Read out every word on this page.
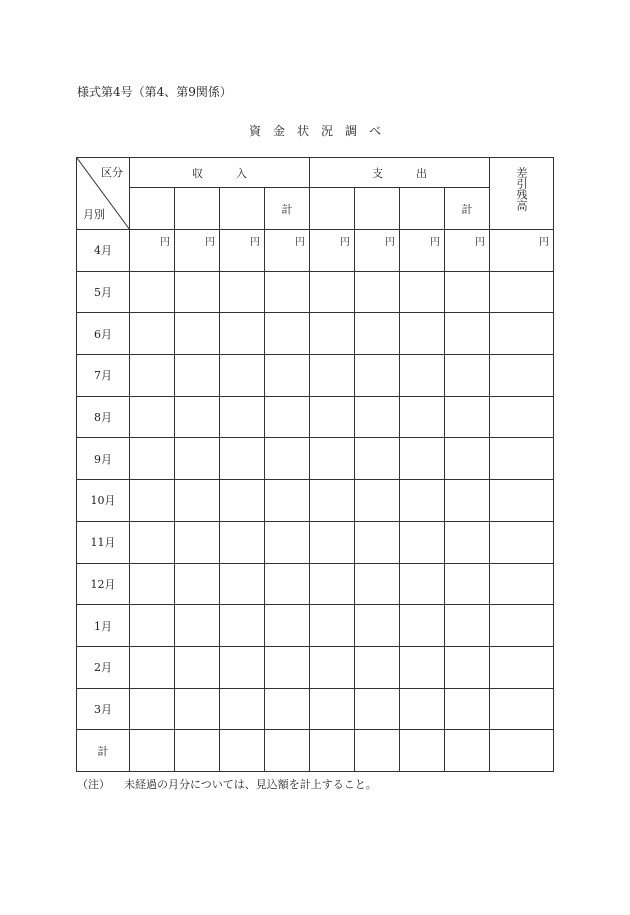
様式第4号（第4、第9関係）
資　金　状　況　調　べ
区分
月別	収　　　入				支　　　出				差引残高
				計				計	
4月	円	円	円	円	円	円	円	円	円

5月									
6月									
7月									
8月									
9月									
10月									
11月									
12月									
1月									
2月									
3月									
計									
（注） 未経過の月分については、見込額を計上すること。
